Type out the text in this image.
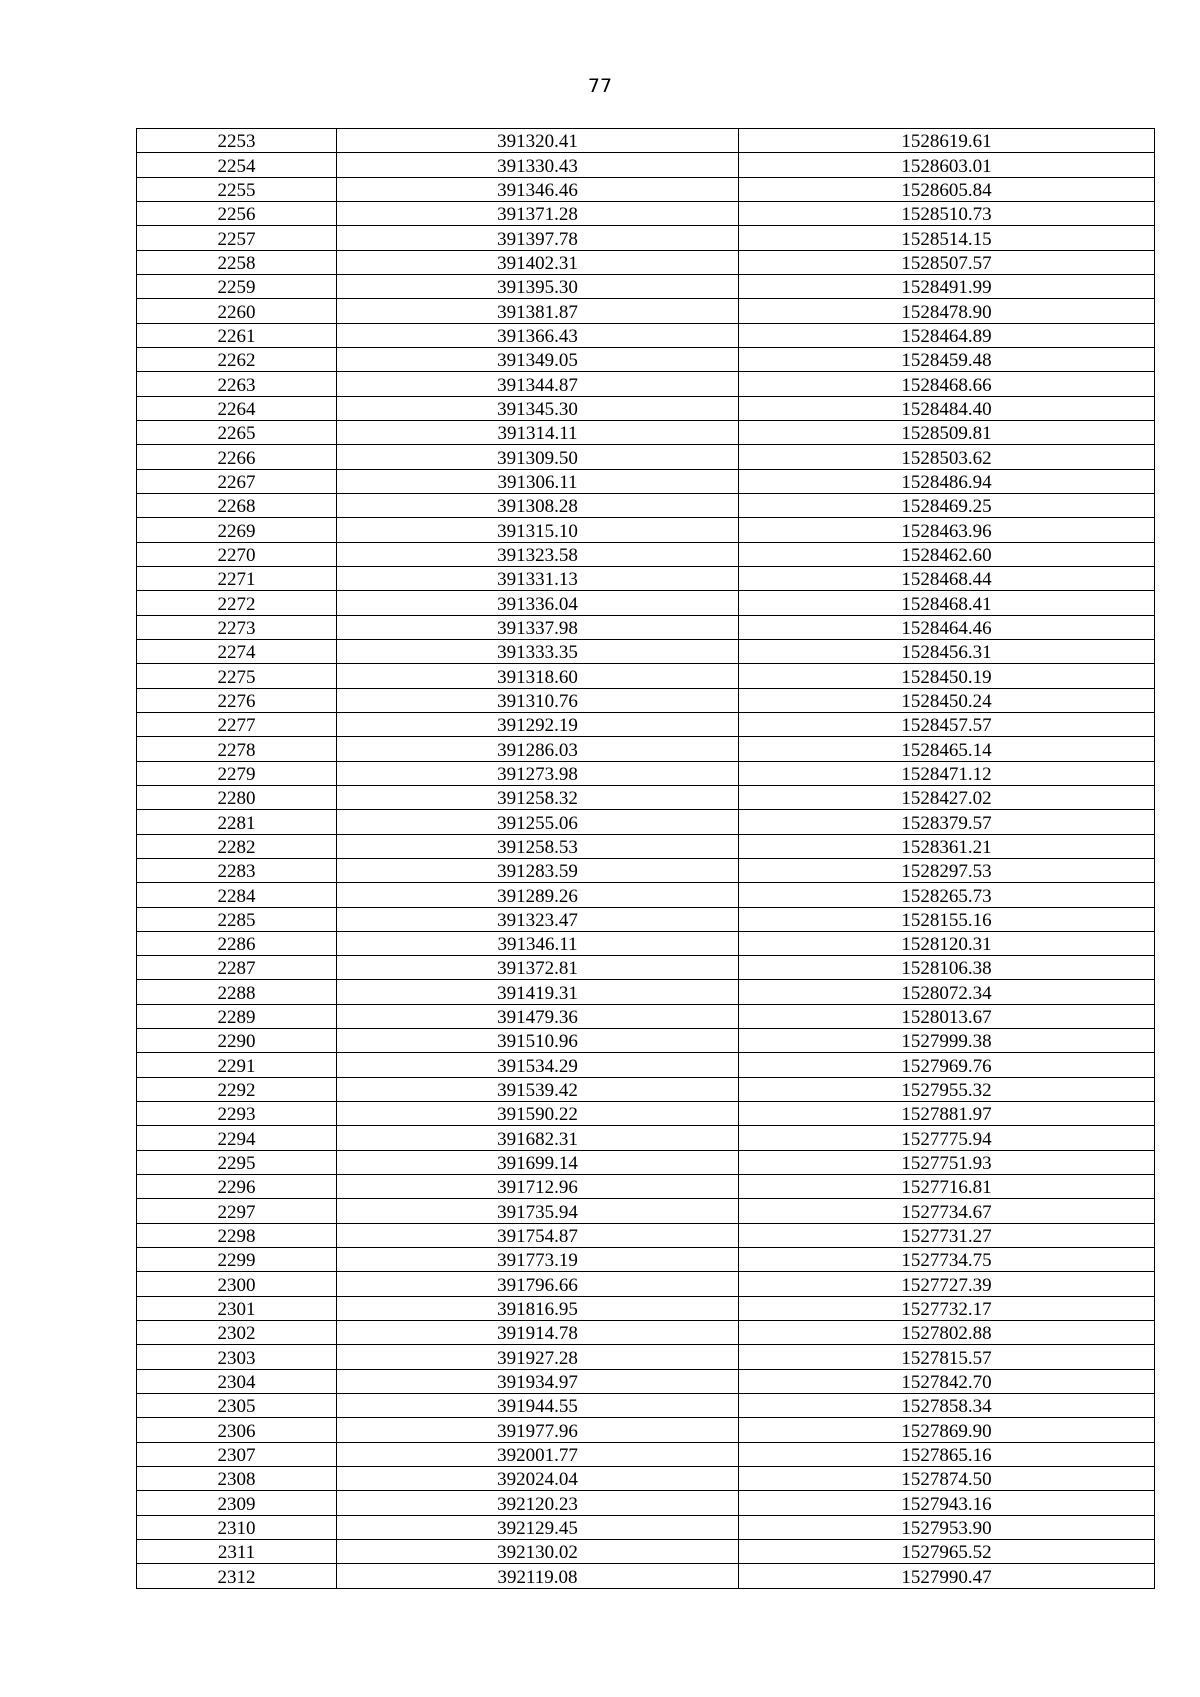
77
2253	391320.41	1528619.61
2254	391330.43	1528603.01
2255	391346.46	1528605.84
2256	391371.28	1528510.73
2257	391397.78	1528514.15
2258	391402.31	1528507.57
2259	391395.30	1528491.99
2260	391381.87	1528478.90
2261	391366.43	1528464.89
2262	391349.05	1528459.48
2263	391344.87	1528468.66
2264	391345.30	1528484.40
2265	391314.11	1528509.81
2266	391309.50	1528503.62
2267	391306.11	1528486.94
2268	391308.28	1528469.25
2269	391315.10	1528463.96
2270	391323.58	1528462.60
2271	391331.13	1528468.44
2272	391336.04	1528468.41
2273	391337.98	1528464.46
2274	391333.35	1528456.31
2275	391318.60	1528450.19
2276	391310.76	1528450.24
2277	391292.19	1528457.57
2278	391286.03	1528465.14
2279	391273.98	1528471.12
2280	391258.32	1528427.02
2281	391255.06	1528379.57
2282	391258.53	1528361.21
2283	391283.59	1528297.53
2284	391289.26	1528265.73
2285	391323.47	1528155.16
2286	391346.11	1528120.31
2287	391372.81	1528106.38
2288	391419.31	1528072.34
2289	391479.36	1528013.67
2290	391510.96	1527999.38
2291	391534.29	1527969.76
2292	391539.42	1527955.32
2293	391590.22	1527881.97
2294	391682.31	1527775.94
2295	391699.14	1527751.93
2296	391712.96	1527716.81
2297	391735.94	1527734.67
2298	391754.87	1527731.27
2299	391773.19	1527734.75
2300	391796.66	1527727.39
2301	391816.95	1527732.17
2302	391914.78	1527802.88
2303	391927.28	1527815.57
2304	391934.97	1527842.70
2305	391944.55	1527858.34
2306	391977.96	1527869.90
2307	392001.77	1527865.16
2308	392024.04	1527874.50
2309	392120.23	1527943.16
2310	392129.45	1527953.90
2311	392130.02	1527965.52
2312	392119.08	1527990.47
